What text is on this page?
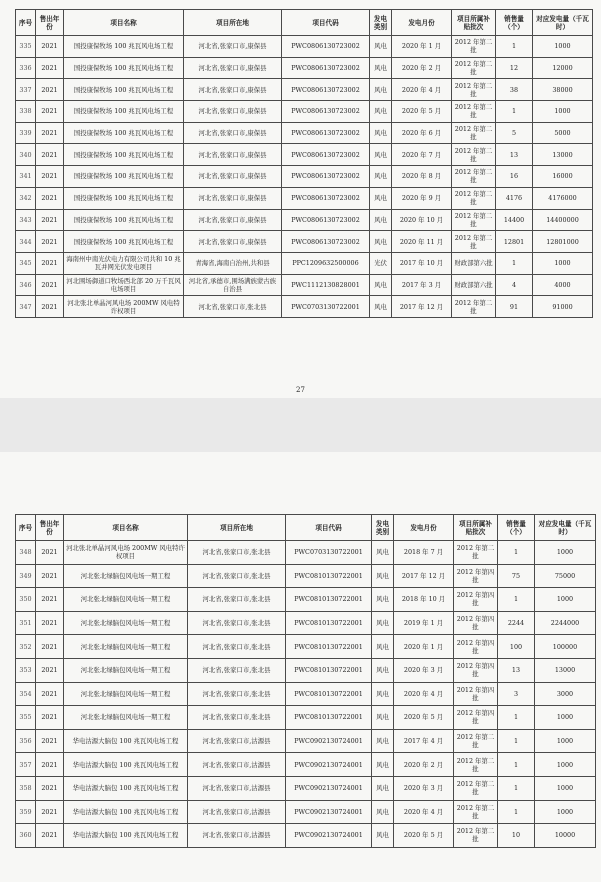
序号	售出年份	项目名称	项目所在地	项目代码	发电类别	发电月份	项目所属补贴批次	销售量（个）	对应发电量（千瓦时）
335	2021	国投康保牧场 100 兆瓦风电场工程	河北省,张家口市,康保县	PWC0806130723002	风电	2020 年 1 月	2012 年第二批	1	1000
336	2021	国投康保牧场 100 兆瓦风电场工程	河北省,张家口市,康保县	PWC0806130723002	风电	2020 年 2 月	2012 年第二批	12	12000
337	2021	国投康保牧场 100 兆瓦风电场工程	河北省,张家口市,康保县	PWC0806130723002	风电	2020 年 4 月	2012 年第二批	38	38000
338	2021	国投康保牧场 100 兆瓦风电场工程	河北省,张家口市,康保县	PWC0806130723002	风电	2020 年 5 月	2012 年第二批	1	1000
339	2021	国投康保牧场 100 兆瓦风电场工程	河北省,张家口市,康保县	PWC0806130723002	风电	2020 年 6 月	2012 年第二批	5	5000
340	2021	国投康保牧场 100 兆瓦风电场工程	河北省,张家口市,康保县	PWC0806130723002	风电	2020 年 7 月	2012 年第二批	13	13000
341	2021	国投康保牧场 100 兆瓦风电场工程	河北省,张家口市,康保县	PWC0806130723002	风电	2020 年 8 月	2012 年第二批	16	16000
342	2021	国投康保牧场 100 兆瓦风电场工程	河北省,张家口市,康保县	PWC0806130723002	风电	2020 年 9 月	2012 年第二批	4176	4176000
343	2021	国投康保牧场 100 兆瓦风电场工程	河北省,张家口市,康保县	PWC0806130723002	风电	2020 年 10 月	2012 年第二批	14400	14400000
344	2021	国投康保牧场 100 兆瓦风电场工程	河北省,张家口市,康保县	PWC0806130723002	风电	2020 年 11 月	2012 年第二批	12801	12801000
345	2021	海南州中南光伏电力有限公司共和 10 兆瓦并网光伏发电项目	青海省,海南自治州,共和县	PPC1209632500006	光伏	2017 年 10 月	财政部第六批	1	1000
346	2021	河北围场御道口牧场西北部 20 万千瓦风电场项目	河北省,承德市,围场满族蒙古族自治县	PWC1112130828001	风电	2017 年 3 月	财政部第六批	4	4000
347	2021	河北张北单晶河风电场 200MW 风电特许权项目	河北省,张家口市,张北县	PWC0703130722001	风电	2017 年 12 月	2012 年第二批	91	91000
27
序号	售出年份	项目名称	项目所在地	项目代码	发电类别	发电月份	项目所属补贴批次	销售量（个）	对应发电量（千瓦时）
348	2021	河北张北单晶河风电场 200MW 风电特许权项目	河北省,张家口市,张北县	PWC0703130722001	风电	2018 年 7 月	2012 年第二批	1	1000
349	2021	河北张北绿脑包风电场一期工程	河北省,张家口市,张北县	PWC0810130722001	风电	2017 年 12 月	2012 年第四批	75	75000
350	2021	河北张北绿脑包风电场一期工程	河北省,张家口市,张北县	PWC0810130722001	风电	2018 年 10 月	2012 年第四批	1	1000
351	2021	河北张北绿脑包风电场一期工程	河北省,张家口市,张北县	PWC0810130722001	风电	2019 年 1 月	2012 年第四批	2244	2244000
352	2021	河北张北绿脑包风电场一期工程	河北省,张家口市,张北县	PWC0810130722001	风电	2020 年 1 月	2012 年第四批	100	100000
353	2021	河北张北绿脑包风电场一期工程	河北省,张家口市,张北县	PWC0810130722001	风电	2020 年 3 月	2012 年第四批	13	13000
354	2021	河北张北绿脑包风电场一期工程	河北省,张家口市,张北县	PWC0810130722001	风电	2020 年 4 月	2012 年第四批	3	3000
355	2021	河北张北绿脑包风电场一期工程	河北省,张家口市,张北县	PWC0810130722001	风电	2020 年 5 月	2012 年第四批	1	1000
356	2021	华电沽源大脑包 100 兆瓦风电场工程	河北省,张家口市,沽源县	PWC0902130724001	风电	2017 年 4 月	2012 年第二批	1	1000
357	2021	华电沽源大脑包 100 兆瓦风电场工程	河北省,张家口市,沽源县	PWC0902130724001	风电	2020 年 2 月	2012 年第二批	1	1000
358	2021	华电沽源大脑包 100 兆瓦风电场工程	河北省,张家口市,沽源县	PWC0902130724001	风电	2020 年 3 月	2012 年第二批	1	1000
359	2021	华电沽源大脑包 100 兆瓦风电场工程	河北省,张家口市,沽源县	PWC0902130724001	风电	2020 年 4 月	2012 年第二批	1	1000
360	2021	华电沽源大脑包 100 兆瓦风电场工程	河北省,张家口市,沽源县	PWC0902130724001	风电	2020 年 5 月	2012 年第二批	10	10000
